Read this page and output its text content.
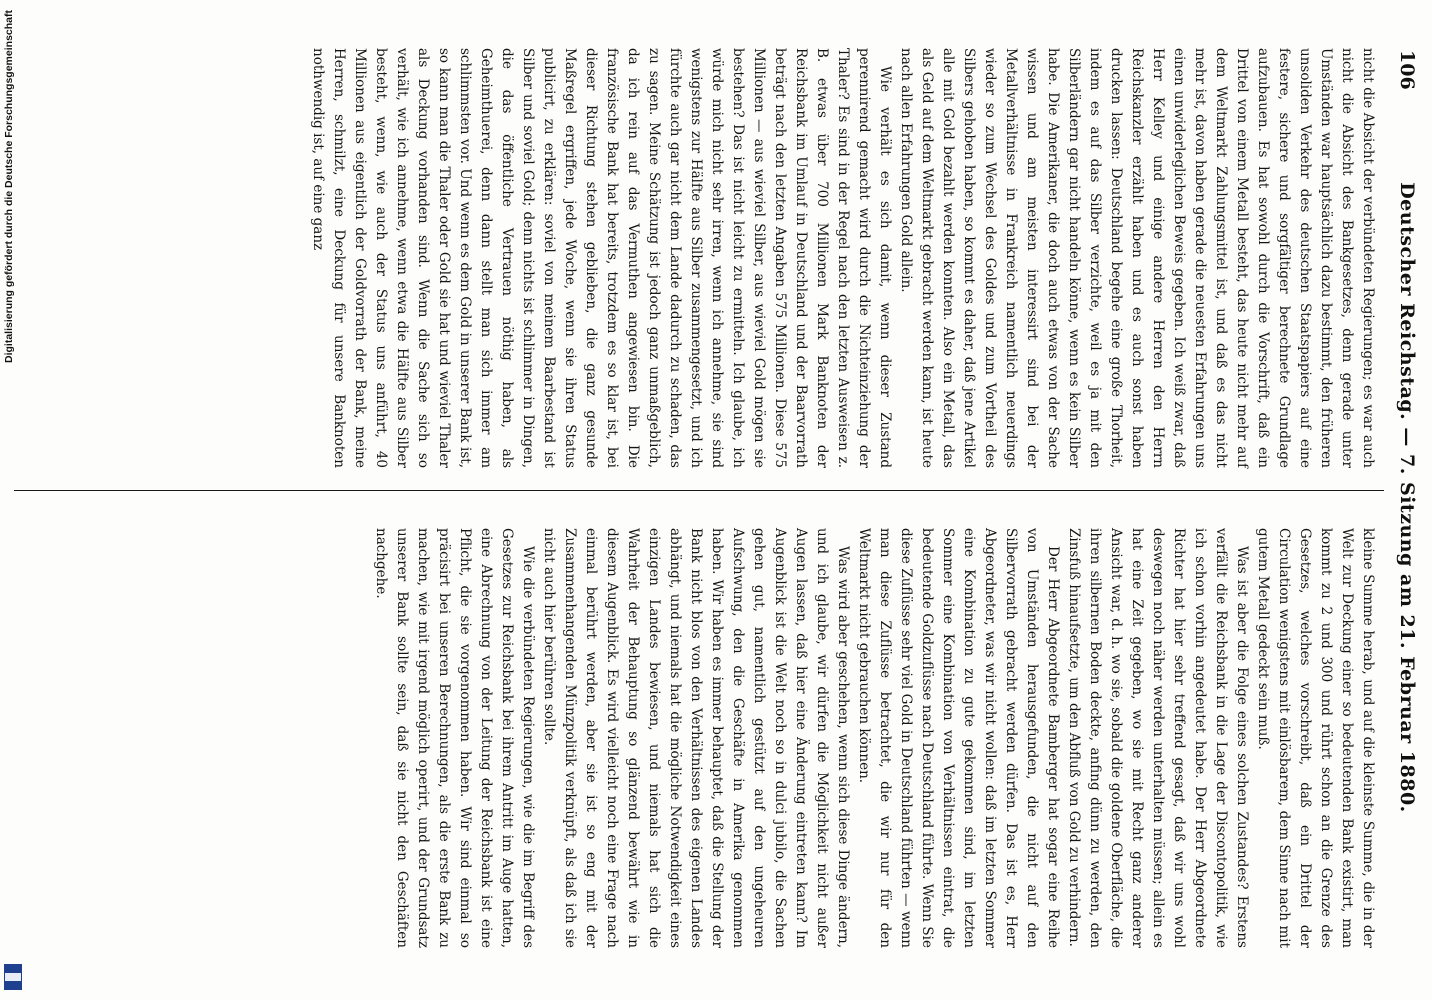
106
Deutscher Reichstag. — 7. Sitzung am 21. Februar 1880.

nicht die Absicht der verbündeten Regierungen; es war auch nicht die Absicht des Bankgesetzes, denn gerade unter Umständen war hauptsächlich dazu bestimmt, den früheren unsoliden Verkehr des deutschen Staatspapiers auf eine festere, sichere und sorgfältiger berechnete Grundlage aufzubauen. Es hat sowohl durch die Vorschrift, daß ein Drittel von einem Metall besteht, das heute nicht mehr auf dem Weltmarkt Zahlungsmittel ist, und daß es das nicht mehr ist, davon haben gerade die neuesten Erfahrungen uns einen unwiderleglichen Beweis gegeben. Ich weiß zwar, daß Herr Kelley und einige andere Herren den Herrn Reichskanzler erzählt haben und es auch sonst haben drucken lassen: Deutschland begehe eine große Thorheit, indem es auf das Silber verzichte, weil es ja mit den Silberländern gar nicht handeln könne, wenn es kein Silber habe. Die Amerikaner, die doch auch etwas von der Sache wissen und am meisten interessirt sind bei der Metallverhältnisse in Frankreich namentlich neuerdings wieder so zum Wechsel des Goldes und zum Vortheil des Silbers gehoben haben, so kommt es daher, daß jene Artikel alle mit Gold bezahlt werden konnten. Also ein Metall, das als Geld auf dem Weltmarkt gebracht werden kann, ist heute nach allen Erfahrungen Gold allein.

Wie verhält es sich damit, wenn dieser Zustand perennirend gemacht wird durch die Nichteinziehung der Thaler? Es sind in der Regel nach den letzten Ausweisen z. B. etwas über 700 Millionen Mark Banknoten der Reichsbank im Umlauf in Deutschland und der Baarvorrath beträgt nach den letzten Angaben 575 Millionen. Diese 575 Millionen — aus wieviel Silber, aus wieviel Gold mögen sie bestehen? Das ist nicht leicht zu ermitteln. Ich glaube, ich würde mich nicht sehr irren, wenn ich annehme, sie sind wenigstens zur Hälfte aus Silber zusammengesetzt, und ich fürchte auch gar nicht dem Lande dadurch zu schaden, das zu sagen. Meine Schätzung ist jedoch ganz unmaßgeblich, da ich rein auf das Vermuthen angewiesen bin. Die französische Bank hat bereits, trotzdem es so klar ist, bei dieser Richtung stehen geblieben, die ganz gesunde Maßregel ergriffen, jede Woche, wenn sie ihren Status publicirt, zu erklären: soviel von meinem Baarbestand ist Silber und soviel Gold; denn nichts ist schlimmer in Dingen, die das öffentliche Vertrauen nöthig haben, als Geheimthuerei, denn dann stellt man sich immer am schlimmsten vor. Und wenn es dem Gold in unserer Bank ist, so kann man die Thaler oder Gold sie hat und wieviel Thaler als Deckung vorhanden sind. Wenn die Sache sich so verhält, wie ich annehme, wenn etwa die Hälfte aus Silber besteht, wenn, wie auch der Status uns anführt, 40 Millionen aus eigentlich der Goldvorrath der Bank, meine Herren, schmilzt, eine Deckung für unsere Banknoten nothwendig ist, auf eine ganz

kleine Summe herab, und auf die kleinste Summe, die in der Welt zur Deckung einer so bedeutenden Bank existirt, man kommt zu 2 und 300 und rührt schon an die Grenze des Gesetzes, welches vorschreibt, daß ein Drittel der Circulation wenigstens mit einlösbarem, dem Sinne nach mit gutem Metall gedeckt sein muß.

Was ist aber die Folge eines solchen Zustandes? Erstens verfällt die Reichsbank in die Lage der Discontopolitik, wie ich schon vorhin angedeutet habe. Der Herr Abgeordnete Richter hat hier sehr treffend gesagt, daß wir uns wohl deswegen noch näher werden unterhalten müssen; allein es hat eine Zeit gegeben, wo sie mit Recht ganz anderer Ansicht war, d. h. wo sie, sobald die goldene Oberfläche, die ihren silbernen Boden deckte, anfing dünn zu werden, den Zinsfuß hinaufsetzte, um den Abfluß von Gold zu verhindern.

Der Herr Abgeordnete Bamberger hat sogar eine Reihe von Umständen herausgefunden, die nicht auf den Silbervorrath gebracht werden dürfen. Das ist es, Herr Abgeordneter, was wir nicht wollen: daß im letzten Sommer eine Kombination zu gute gekommen sind, im letzten Sommer eine Kombination von Verhältnissen eintrat, die bedeutende Goldzuflüsse nach Deutschland führte. Wenn Sie diese Zuflüsse sehr viel Gold in Deutschland führten — wenn man diese Zuflüsse betrachtet, die wir nur für den Weltmarkt nicht gebrauchen können.

Was wird aber geschehen, wenn sich diese Dinge ändern, und ich glaube, wir dürfen die Möglichkeit nicht außer Augen lassen, daß hier eine Änderung eintreten kann? Im Augenblick ist die Welt noch so in dulci jubilo, die Sachen gehen gut, namentlich gestützt auf den ungeheuren Aufschwung, den die Geschäfte in Amerika genommen haben. Wir haben es immer behauptet, daß die Stellung der Bank nicht blos von den Verhältnissen des eigenen Landes abhängt, und niemals hat die mögliche Notwendigkeit eines einzigen Landes bewiesen, und niemals hat sich die Wahrheit der Behauptung so glänzend bewährt wie in diesem Augenblick. Es wird vielleicht noch eine Frage nach einmal berührt werden, aber sie ist so eng mit der Zusammenhangenden Münzpolitik verknüpft, als daß ich sie nicht auch hier berühren sollte.

Wie die verbündeten Regierungen, wie die im Begriff des Gesetzes zur Reichsbank bei ihrem Antritt im Auge hatten, eine Abrechnung von der Leitung der Reichsbank ist eine Pflicht, die sie vorgenommen haben. Wir sind einmal so präcisirt bei unseren Berechnungen, als die erste Bank zu machen, wie mit irgend möglich operirt, und der Grundsatz unserer Bank sollte sein, daß sie nicht den Geschäften nachgehe.

Digitalisierung gefördert durch die Deutsche Forschungsgemeinschaft
